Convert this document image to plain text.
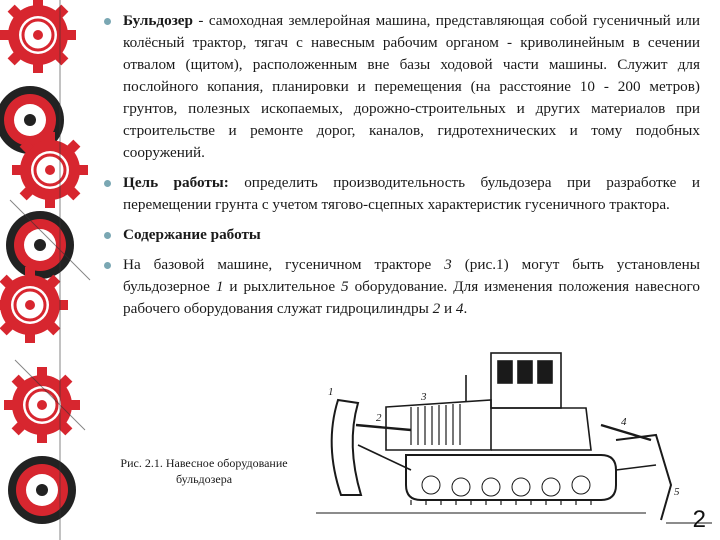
Бульдозер - самоходная землеройная машина, представляющая собой гусеничный или колёсный трактор, тягач с навесным рабочим органом - криволинейным в сечении отвалом (щитом), расположенным вне базы ходовой части машины. Служит для послойного копания, планировки и перемещения (на расстояние 10 - 200 метров) грунтов, полезных ископаемых, дорожно-строительных и других материалов при строительстве и ремонте дорог, каналов, гидротехнических и тому подобных сооружений.
Цель работы: определить производительность бульдозера при разработке и перемещении грунта с учетом тягово-сцепных характеристик гусеничного трактора.
Содержание работы
На базовой машине, гусеничном тракторе 3 (рис.1) могут быть установлены бульдозерное 1 и рыхлительное 5 оборудование. Для изменения положения навесного рабочего оборудования служат гидроцилиндры 2 и 4.
1
2
3
4
5
Рис. 2.1. Навесное оборудование
бульдозера
2
